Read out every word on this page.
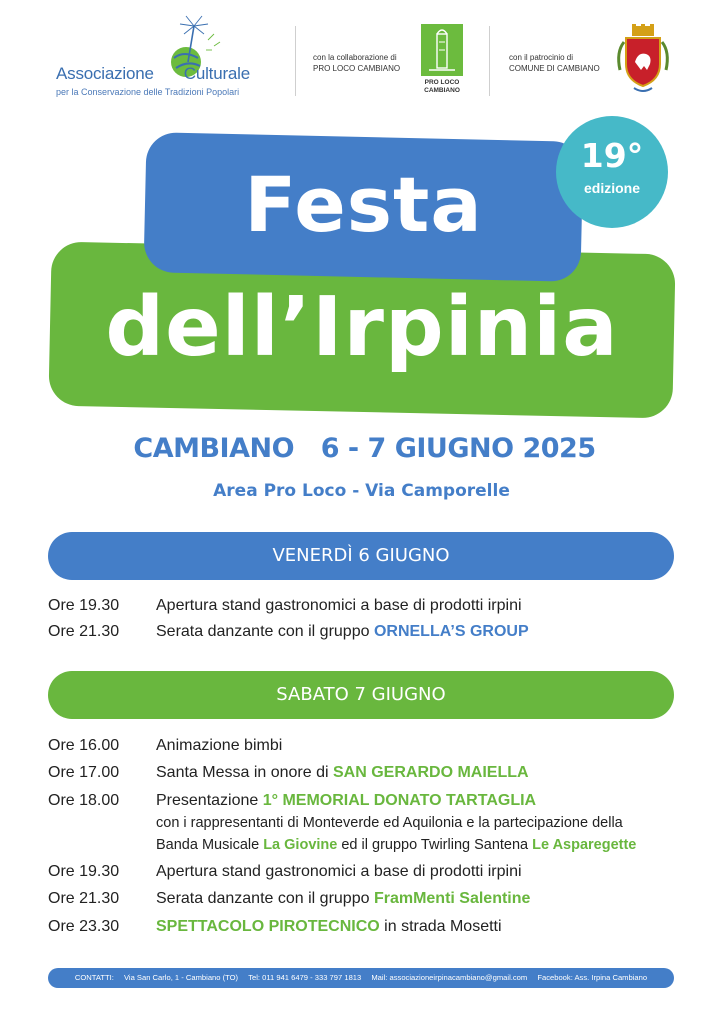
Associazione Culturale
per la Conservazione delle Tradizioni Popolari
con la collaborazione di
PRO LOCO CAMBIANO
PRO LOCO
CAMBIANO
con il patrocinio di
COMUNE DI CAMBIANO
Festa
dell’Irpinia
19°
edizione
CAMBIANO   6 - 7 GIUGNO 2025
Area Pro Loco - Via Camporelle
VENERDÌ 6 GIUGNO
Ore 19.30 Apertura stand gastronomici a base di prodotti irpini
Ore 21.30 Serata danzante con il gruppo ORNELLA’S GROUP
SABATO 7 GIUGNO
Ore 16.00 Animazione bimbi
Ore 17.00 Santa Messa in onore di SAN GERARDO MAIELLA
Ore 18.00 Presentazione 1° MEMORIAL DONATO TARTAGLIA
con i rappresentanti di Monteverde ed Aquilonia e la partecipazione della
Banda Musicale La Giovine ed il gruppo Twirling Santena Le Asparegette
Ore 19.30 Apertura stand gastronomici a base di prodotti irpini
Ore 21.30 Serata danzante con il gruppo FramMenti Salentine
Ore 23.30 SPETTACOLO PIROTECNICO in strada Mosetti
CONTATTI: Via San Carlo, 1 - Cambiano (TO) Tel: 011 941 6479 - 333 797 1813 Mail: associazioneirpinacambiano@gmail.com Facebook: Ass. Irpina Cambiano
